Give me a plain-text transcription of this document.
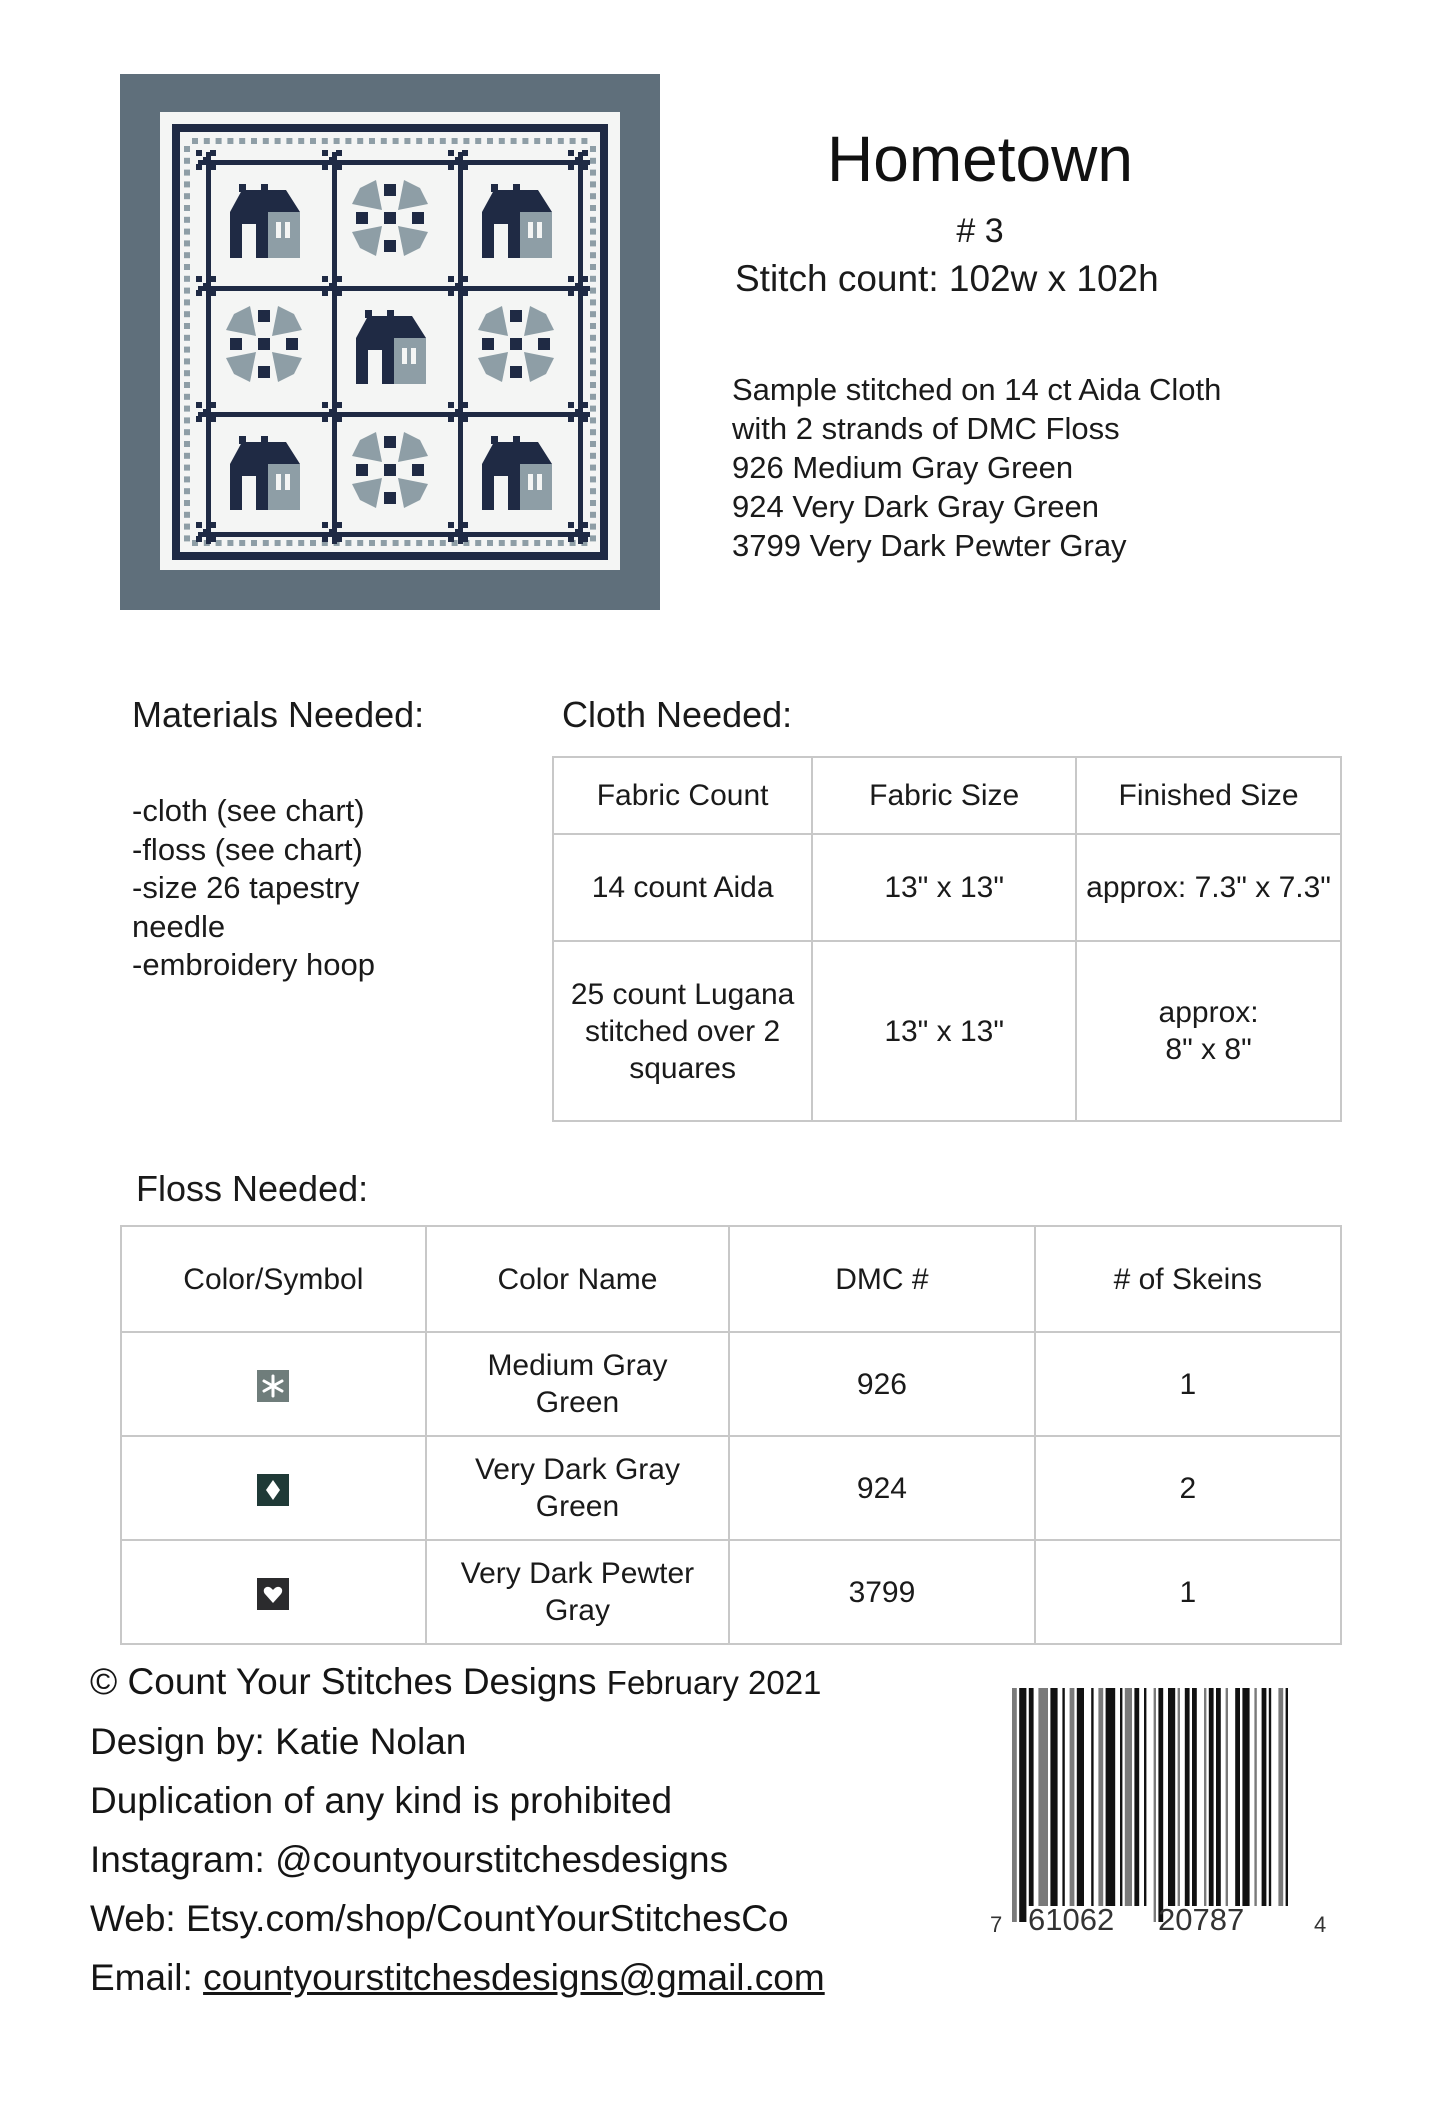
Hometown
# 3
Stitch count: 102w x 102h
Sample stitched on 14 ct Aida Cloth
with 2 strands of DMC Floss
926 Medium Gray Green
924 Very Dark Gray Green
3799 Very Dark Pewter Gray
Materials Needed:
-cloth (see chart)
-floss (see chart)
-size 26 tapestry
needle
-embroidery hoop
Cloth Needed:
Fabric Count	Fabric Size	Finished Size
14 count Aida	13" x 13"	approx: 7.3" x 7.3"
25 count Lugana stitched over 2 squares	13" x 13"	approx: 8" x 8"
Floss Needed:
Color/Symbol	Color Name	DMC #	# of Skeins
	Medium Gray Green	926	1
	Very Dark Gray Green	924	2
	Very Dark Pewter Gray	3799	1
© Count Your Stitches Designs February 2021
Design by: Katie Nolan
Duplication of any kind is prohibited
Instagram: @countyourstitchesdesigns
Web: Etsy.com/shop/CountYourStitchesCo
Email: countyourstitchesdesigns@gmail.com
7 61062 20787	4
